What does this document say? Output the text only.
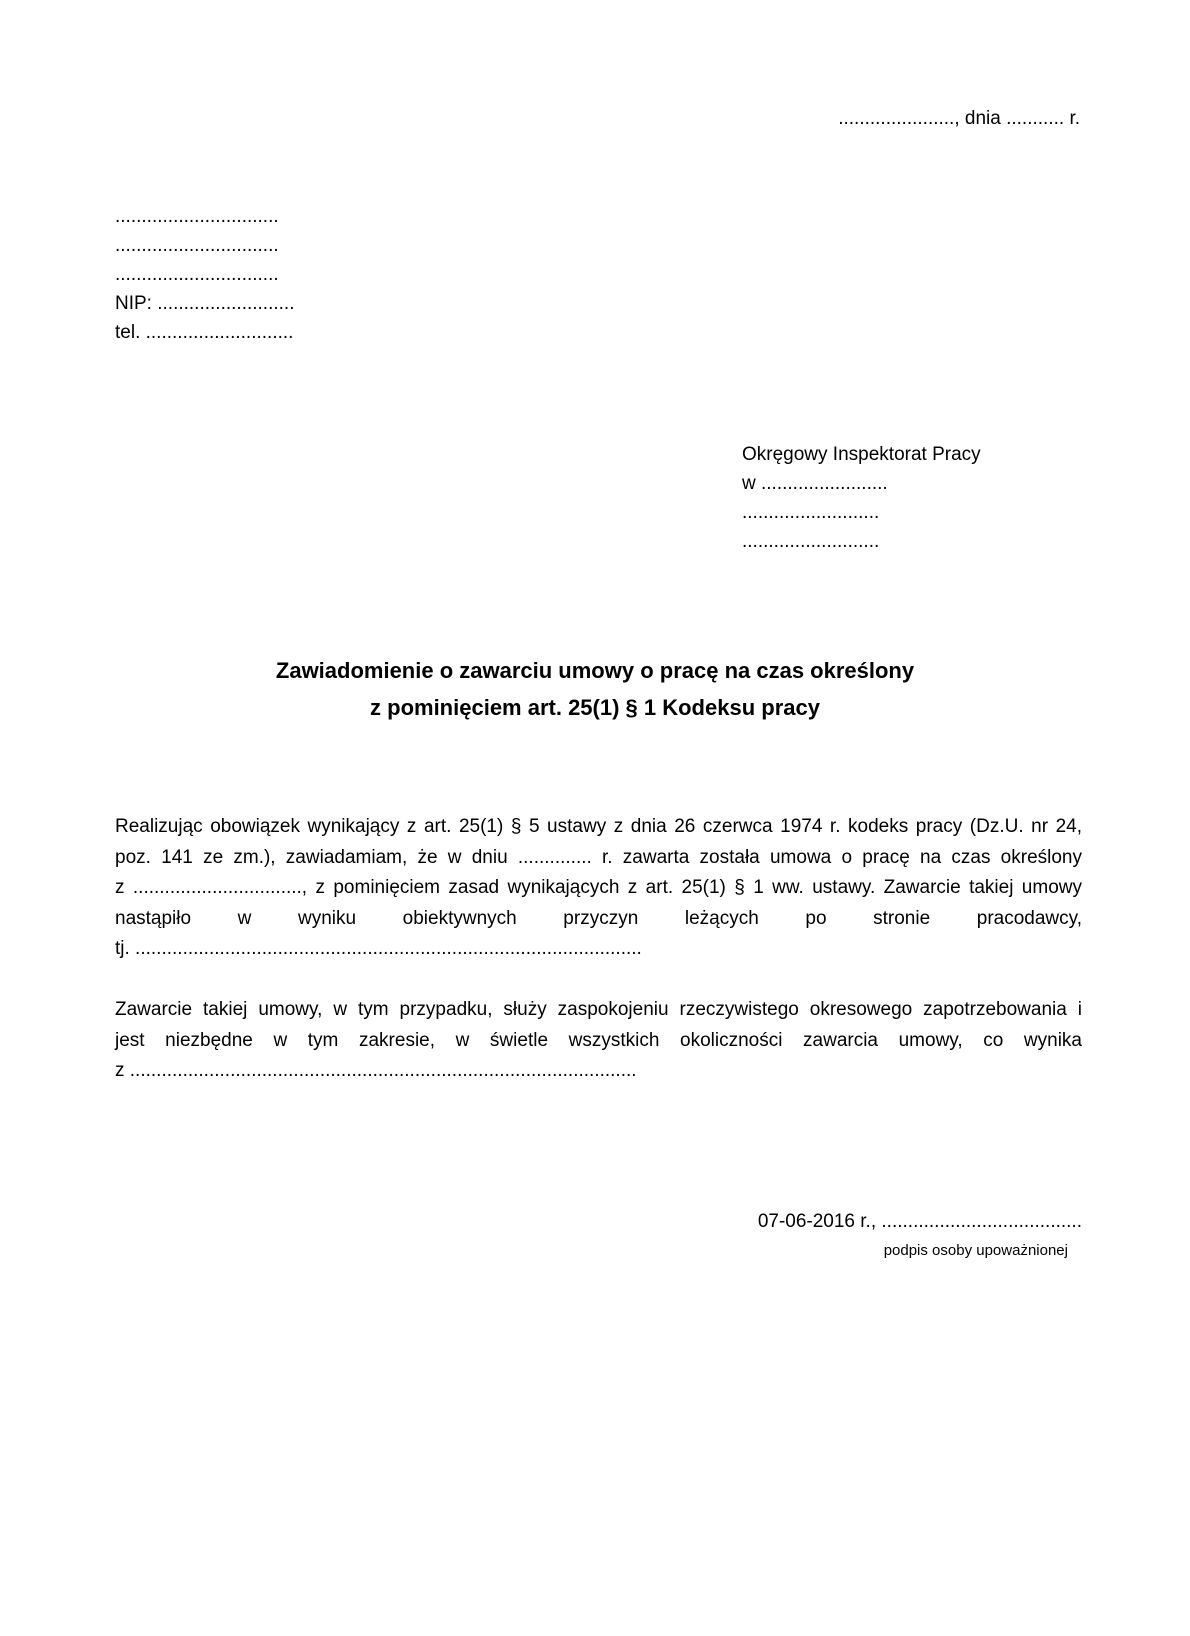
......................, dnia ........... r.
...............................
...............................
...............................
NIP: ..........................
tel. ............................
Okręgowy Inspektorat Pracy
w ........................
..........................
..........................
Zawiadomienie o zawarciu umowy o pracę na czas określony
z pominięciem art. 25(1) § 1 Kodeksu pracy
Realizując obowiązek wynikający z art. 25(1) § 5 ustawy z dnia 26 czerwca 1974 r. kodeks pracy (Dz.U. nr 24,
poz. 141 ze zm.), zawiadamiam, że w dniu .............. r. zawarta została umowa o pracę na czas określony
z ................................, z pominięciem zasad wynikających z art. 25(1) § 1 ww. ustawy. Zawarcie takiej umowy
nastąpiło w wyniku obiektywnych przyczyn leżących po stronie pracodawcy,
tj. ................................................................................................
Zawarcie takiej umowy, w tym przypadku, służy zaspokojeniu rzeczywistego okresowego zapotrzebowania i
jest niezbędne w tym zakresie, w świetle wszystkich okoliczności zawarcia umowy, co wynika
z ................................................................................................
07-06-2016 r., ......................................
podpis osoby upoważnionej
